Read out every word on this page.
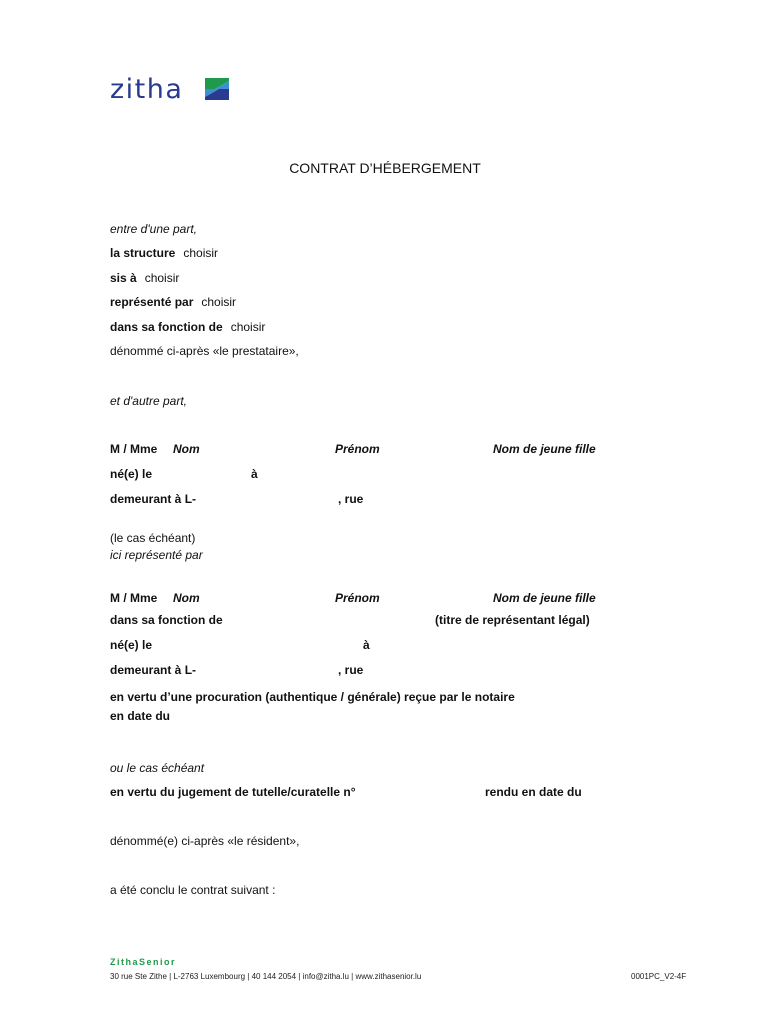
zitha
CONTRAT D’HÉBERGEMENT
entre d'une part,
la structure choisir
sis à choisir
représenté par choisir
dans sa fonction de choisir
dénommé ci-après «le prestataire»,
et d'autre part,
M / Mme Nom	Prénom	Nom de jeune fille
né(e) le	à
demeurant à L-	, rue
(le cas échéant)
ici représenté par
M / Mme Nom	Prénom	Nom de jeune fille
dans sa fonction de	(titre de représentant légal)
né(e) le	à
demeurant à L-	, rue
en vertu d’une procuration (authentique / générale) reçue par le notaire
en date du
ou le cas échéant
en vertu du jugement de tutelle/curatelle n°	rendu en date du
dénommé(e) ci-après «le résident»,
a été conclu le contrat suivant :
ZithaSenior
30 rue Ste Zithe | L-2763 Luxembourg | 40 144 2054 | info@zitha.lu | www.zithasenior.lu	0001PC_V2-4F
